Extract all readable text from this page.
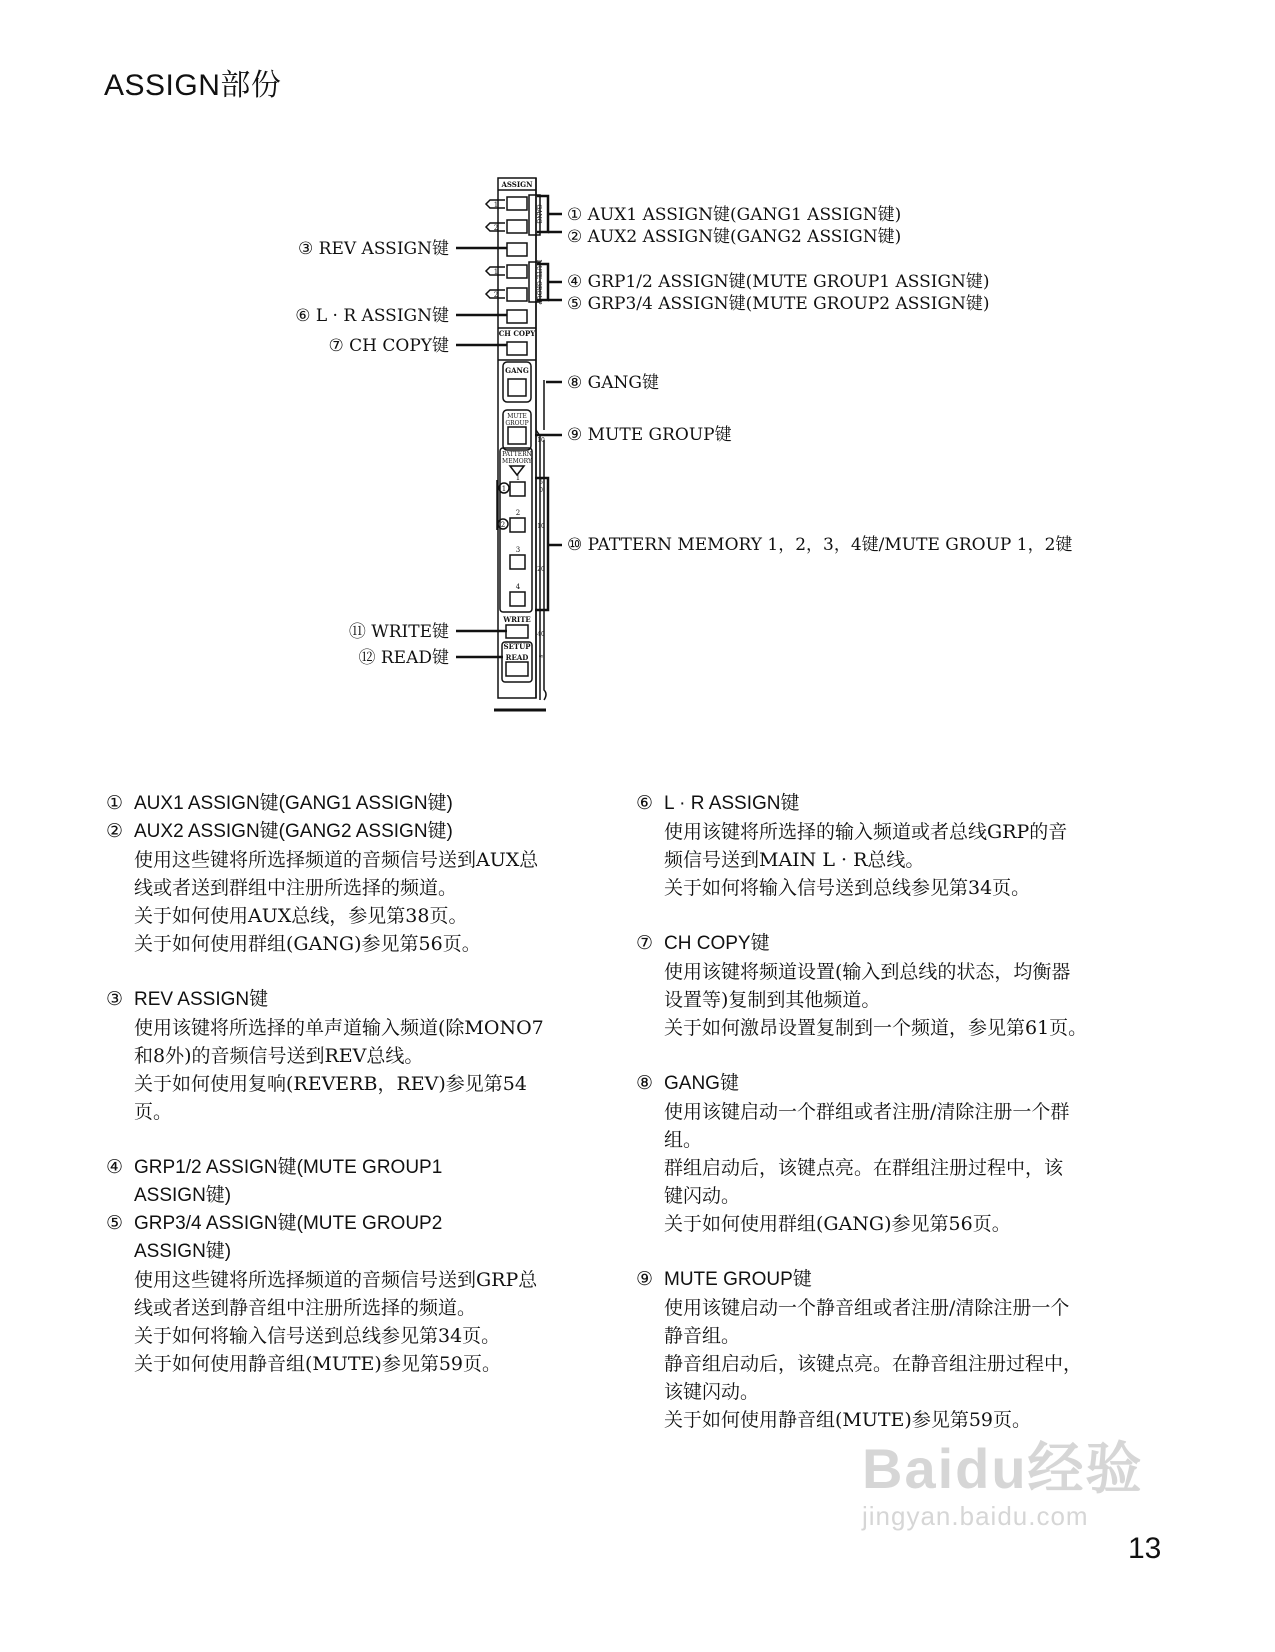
ASSIGN部份
ASSIGN
CH COPY
GANG
MUTE
GROUP
PATTERN
MEMORY
1
2
3
4
WRITE
SETUP
READ
1
2
1
2
1
2
10
5
0
10
20
40
∞
GANG
MUTE GROUP
① AUX1 ASSIGN键(GANG1 ASSIGN键)
② AUX2 ASSIGN键(GANG2 ASSIGN键)
③ REV ASSIGN键
④ GRP1/2 ASSIGN键(MUTE GROUP1 ASSIGN键)
⑤ GRP3/4 ASSIGN键(MUTE GROUP2 ASSIGN键)
⑥ L · R ASSIGN键
⑦ CH COPY键
⑧ GANG键
⑨ MUTE GROUP键
⑩ PATTERN MEMORY 1，2，3，4键/MUTE GROUP 1，2键
⑪ WRITE键
⑫ READ键
① AUX1 ASSIGN键(GANG1 ASSIGN键)
② AUX2 ASSIGN键(GANG2 ASSIGN键)

使用这些键将所选择频道的音频信号送到AUX总

线或者送到群组中注册所选择的频道。

关于如何使用AUX总线，参见第38页。

关于如何使用群组(GANG)参见第56页。

③ REV ASSIGN键

使用该键将所选择的单声道输入频道(除MONO7

和8外)的音频信号送到REV总线。

关于如何使用复响(REVERB，REV)参见第54

页。

④ GRP1/2 ASSIGN键(MUTE GROUP1
ASSIGN键)
⑤ GRP3/4 ASSIGN键(MUTE GROUP2
ASSIGN键)

使用这些键将所选择频道的音频信号送到GRP总

线或者送到静音组中注册所选择的频道。

关于如何将输入信号送到总线参见第34页。

关于如何使用静音组(MUTE)参见第59页。

⑥ L · R ASSIGN键

使用该键将所选择的输入频道或者总线GRP的音

频信号送到MAIN L · R总线。

关于如何将输入信号送到总线参见第34页。

⑦ CH COPY键

使用该键将频道设置(输入到总线的状态，均衡器

设置等)复制到其他频道。

关于如何激昂设置复制到一个频道，参见第61页。

⑧ GANG键

使用该键启动一个群组或者注册/清除注册一个群

组。

群组启动后，该键点亮。在群组注册过程中，该

键闪动。

关于如何使用群组(GANG)参见第56页。

⑨ MUTE GROUP键

使用该键启动一个静音组或者注册/清除注册一个

静音组。

静音组启动后，该键点亮。在静音组注册过程中，

该键闪动。

关于如何使用静音组(MUTE)参见第59页。

Baidu经验
jingyan.baidu.com
13
